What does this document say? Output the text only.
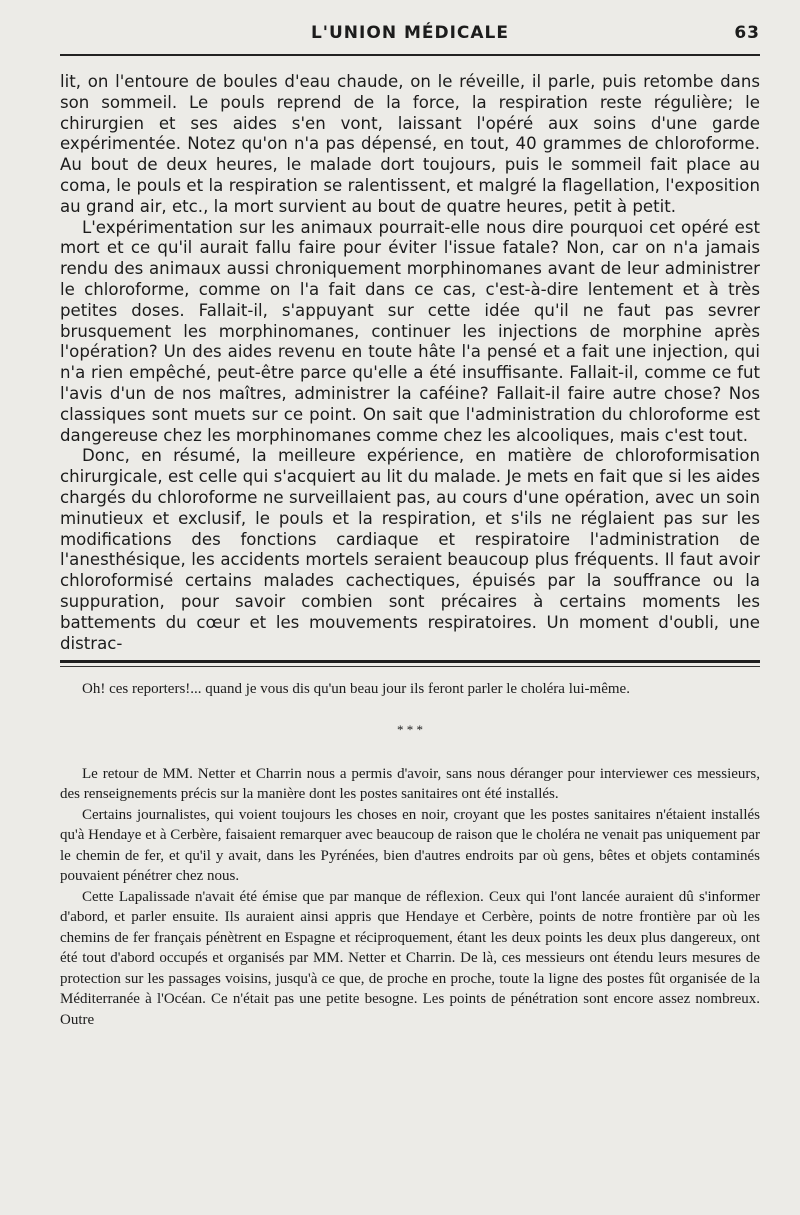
L'UNION MÉDICALE	63

lit, on l'entoure de boules d'eau chaude, on le réveille, il parle, puis retombe dans son sommeil. Le pouls reprend de la force, la respiration reste régulière; le chirurgien et ses aides s'en vont, laissant l'opéré aux soins d'une garde expérimentée. Notez qu'on n'a pas dépensé, en tout, 40 grammes de chloroforme. Au bout de deux heures, le malade dort toujours, puis le sommeil fait place au coma, le pouls et la respiration se ralentissent, et malgré la flagellation, l'exposition au grand air, etc., la mort survient au bout de quatre heures, petit à petit.

L'expérimentation sur les animaux pourrait-elle nous dire pourquoi cet opéré est mort et ce qu'il aurait fallu faire pour éviter l'issue fatale? Non, car on n'a jamais rendu des animaux aussi chroniquement morphinomanes avant de leur administrer le chloroforme, comme on l'a fait dans ce cas, c'est-à-dire lentement et à très petites doses. Fallait-il, s'appuyant sur cette idée qu'il ne faut pas sevrer brusquement les morphinomanes, continuer les injections de morphine après l'opération? Un des aides revenu en toute hâte l'a pensé et a fait une injection, qui n'a rien empêché, peut-être parce qu'elle a été insuffisante. Fallait-il, comme ce fut l'avis d'un de nos maîtres, administrer la caféine? Fallait-il faire autre chose? Nos classiques sont muets sur ce point. On sait que l'administration du chloroforme est dangereuse chez les morphinomanes comme chez les alcooliques, mais c'est tout.

Donc, en résumé, la meilleure expérience, en matière de chloroformisation chirurgicale, est celle qui s'acquiert au lit du malade. Je mets en fait que si les aides chargés du chloroforme ne surveillaient pas, au cours d'une opération, avec un soin minutieux et exclusif, le pouls et la respiration, et s'ils ne réglaient pas sur les modifications des fonctions cardiaque et respiratoire l'administration de l'anesthésique, les accidents mortels seraient beaucoup plus fréquents. Il faut avoir chloroformisé certains malades cachectiques, épuisés par la souffrance ou la suppuration, pour savoir combien sont précaires à certains moments les battements du cœur et les mouvements respiratoires. Un moment d'oubli, une distrac-

Oh! ces reporters!... quand je vous dis qu'un beau jour ils feront parler le choléra lui-même.

* * *

Le retour de MM. Netter et Charrin nous a permis d'avoir, sans nous déranger pour interviewer ces messieurs, des renseignements précis sur la manière dont les postes sanitaires ont été installés.

Certains journalistes, qui voient toujours les choses en noir, croyant que les postes sanitaires n'étaient installés qu'à Hendaye et à Cerbère, faisaient remarquer avec beaucoup de raison que le choléra ne venait pas uniquement par le chemin de fer, et qu'il y avait, dans les Pyrénées, bien d'autres endroits par où gens, bêtes et objets contaminés pouvaient pénétrer chez nous.

Cette Lapalissade n'avait été émise que par manque de réflexion. Ceux qui l'ont lancée auraient dû s'informer d'abord, et parler ensuite. Ils auraient ainsi appris que Hendaye et Cerbère, points de notre frontière par où les chemins de fer français pénètrent en Espagne et réciproquement, étant les deux points les deux plus dangereux, ont été tout d'abord occupés et organisés par MM. Netter et Charrin. De là, ces messieurs ont étendu leurs mesures de protection sur les passages voisins, jusqu'à ce que, de proche en proche, toute la ligne des postes fût organisée de la Méditerranée à l'Océan. Ce n'était pas une petite besogne. Les points de pénétration sont encore assez nombreux. Outre
